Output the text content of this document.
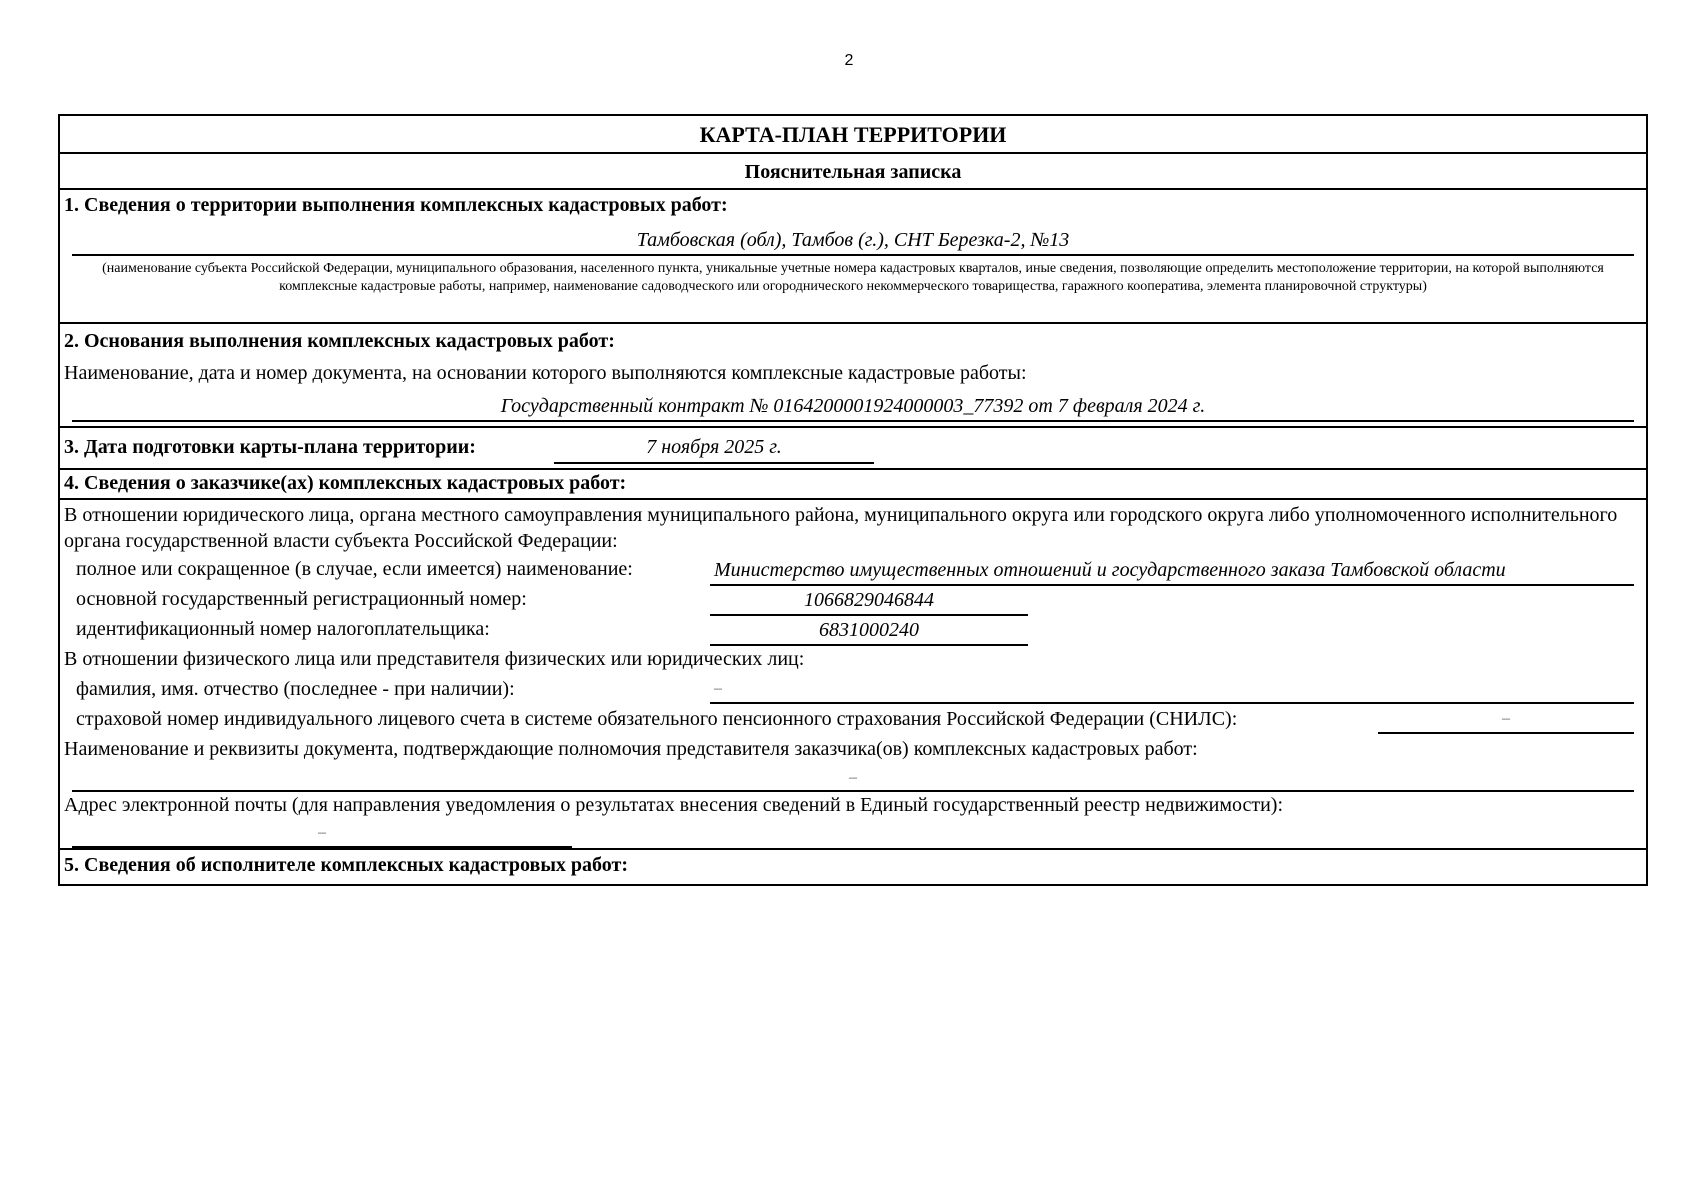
2
КАРТА-ПЛАН ТЕРРИТОРИИ
Пояснительная записка
1. Сведения о территории выполнения комплексных кадастровых работ:
Тамбовская (обл), Тамбов (г.), СНТ Березка-2, №13
(наименование субъекта Российской Федерации, муниципального образования, населенного пункта, уникальные учетные номера кадастровых кварталов, иные сведения, позволяющие определить местоположение территории, на которой выполняются комплексные кадастровые работы, например, наименование садоводческого или огороднического некоммерческого товарищества, гаражного кооператива, элемента планировочной структуры)
2. Основания выполнения комплексных кадастровых работ:
Наименование, дата и номер документа, на основании которого выполняются комплексные кадастровые работы:
Государственный контракт № 0164200001924000003_77392 от 7 февраля 2024 г.
3. Дата подготовки карты-плана территории:	7 ноября 2025 г.
4. Сведения о заказчике(ах) комплексных кадастровых работ:
В отношении юридического лица, органа местного самоуправления муниципального района, муниципального округа или городского округа либо уполномоченного исполнительного органа государственной власти субъекта Российской Федерации:
полное или сокращенное (в случае, если имеется) наименование:	Министерство имущественных отношений и государственного заказа Тамбовской области
основной государственный регистрационный номер:	1066829046844
идентификационный номер налогоплательщика:	6831000240
В отношении физического лица или представителя физических или юридических лиц:
фамилия, имя. отчество (последнее - при наличии):	–
страховой номер индивидуального лицевого счета в системе обязательного пенсионного страхования Российской Федерации (СНИЛС):	–
Наименование и реквизиты документа, подтверждающие полномочия представителя заказчика(ов) комплексных кадастровых работ:
–
Адрес электронной почты (для направления уведомления о результатах внесения сведений в Единый государственный реестр недвижимости):
–
5. Сведения об исполнителе комплексных кадастровых работ:
